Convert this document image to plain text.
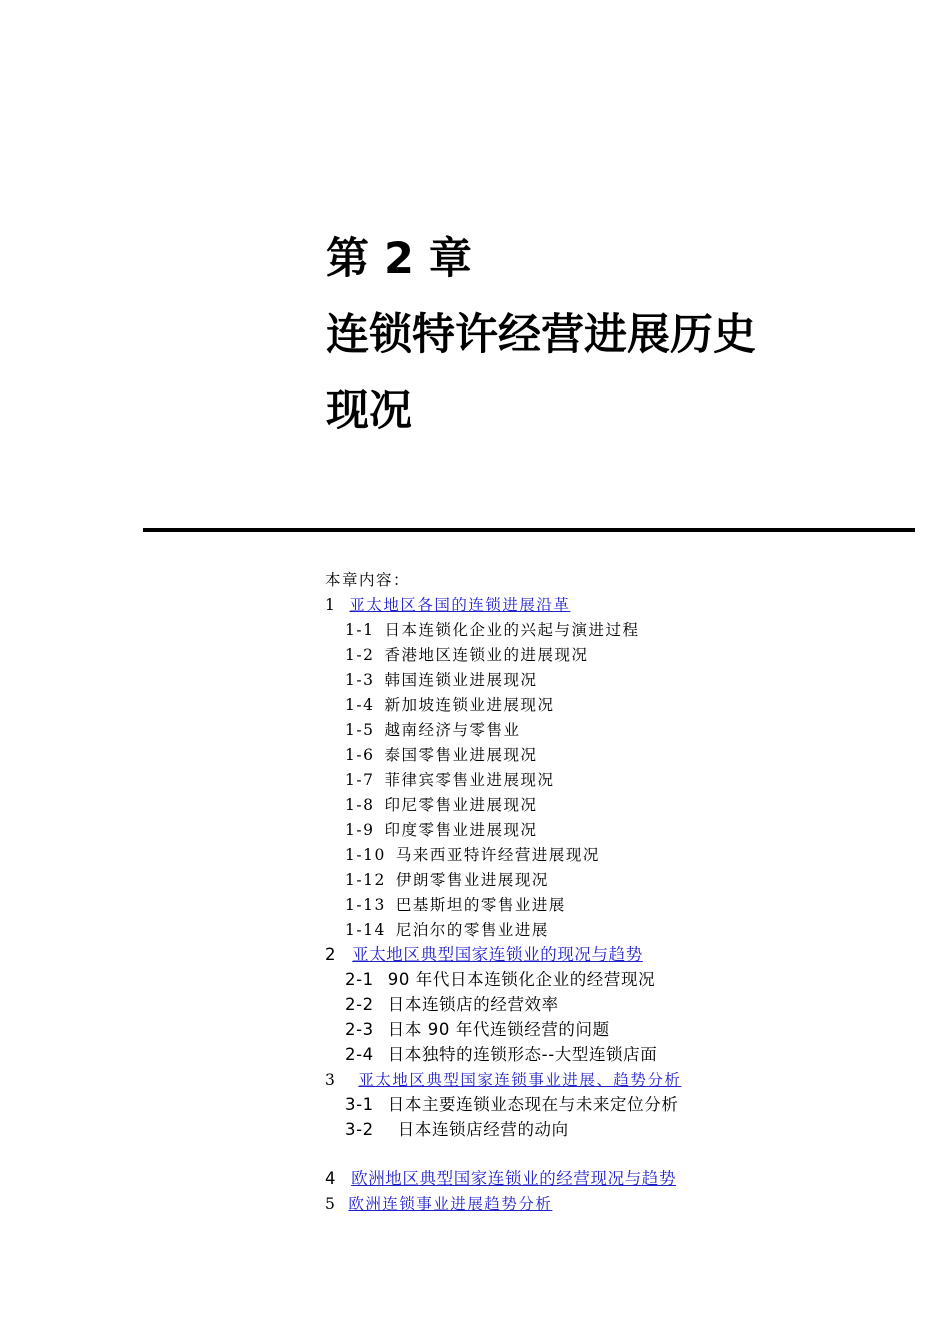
第 2 章
连锁特许经营进展历史
现况
本章内容：
1 亚太地区各国的连锁进展沿革
1-1 日本连锁化企业的兴起与演进过程
1-2 香港地区连锁业的进展现况
1-3 韩国连锁业进展现况
1-4 新加坡连锁业进展现况
1-5 越南经济与零售业
1-6 泰国零售业进展现况
1-7 菲律宾零售业进展现况
1-8 印尼零售业进展现况
1-9 印度零售业进展现况
1-10 马来西亚特许经营进展现况
1-12 伊朗零售业进展现况
1-13 巴基斯坦的零售业进展
1-14 尼泊尔的零售业进展
2 亚太地区典型国家连锁业的现况与趋势
2-1 90 年代日本连锁化企业的经营现况
2-2 日本连锁店的经营效率
2-3 日本 90 年代连锁经营的问题
2-4 日本独特的连锁形态--大型连锁店面
3 亚太地区典型国家连锁事业进展、趋势分析
3-1 日本主要连锁业态现在与未来定位分析
3-2 日本连锁店经营的动向
4 欧洲地区典型国家连锁业的经营现况与趋势
5 欧洲连锁事业进展趋势分析
